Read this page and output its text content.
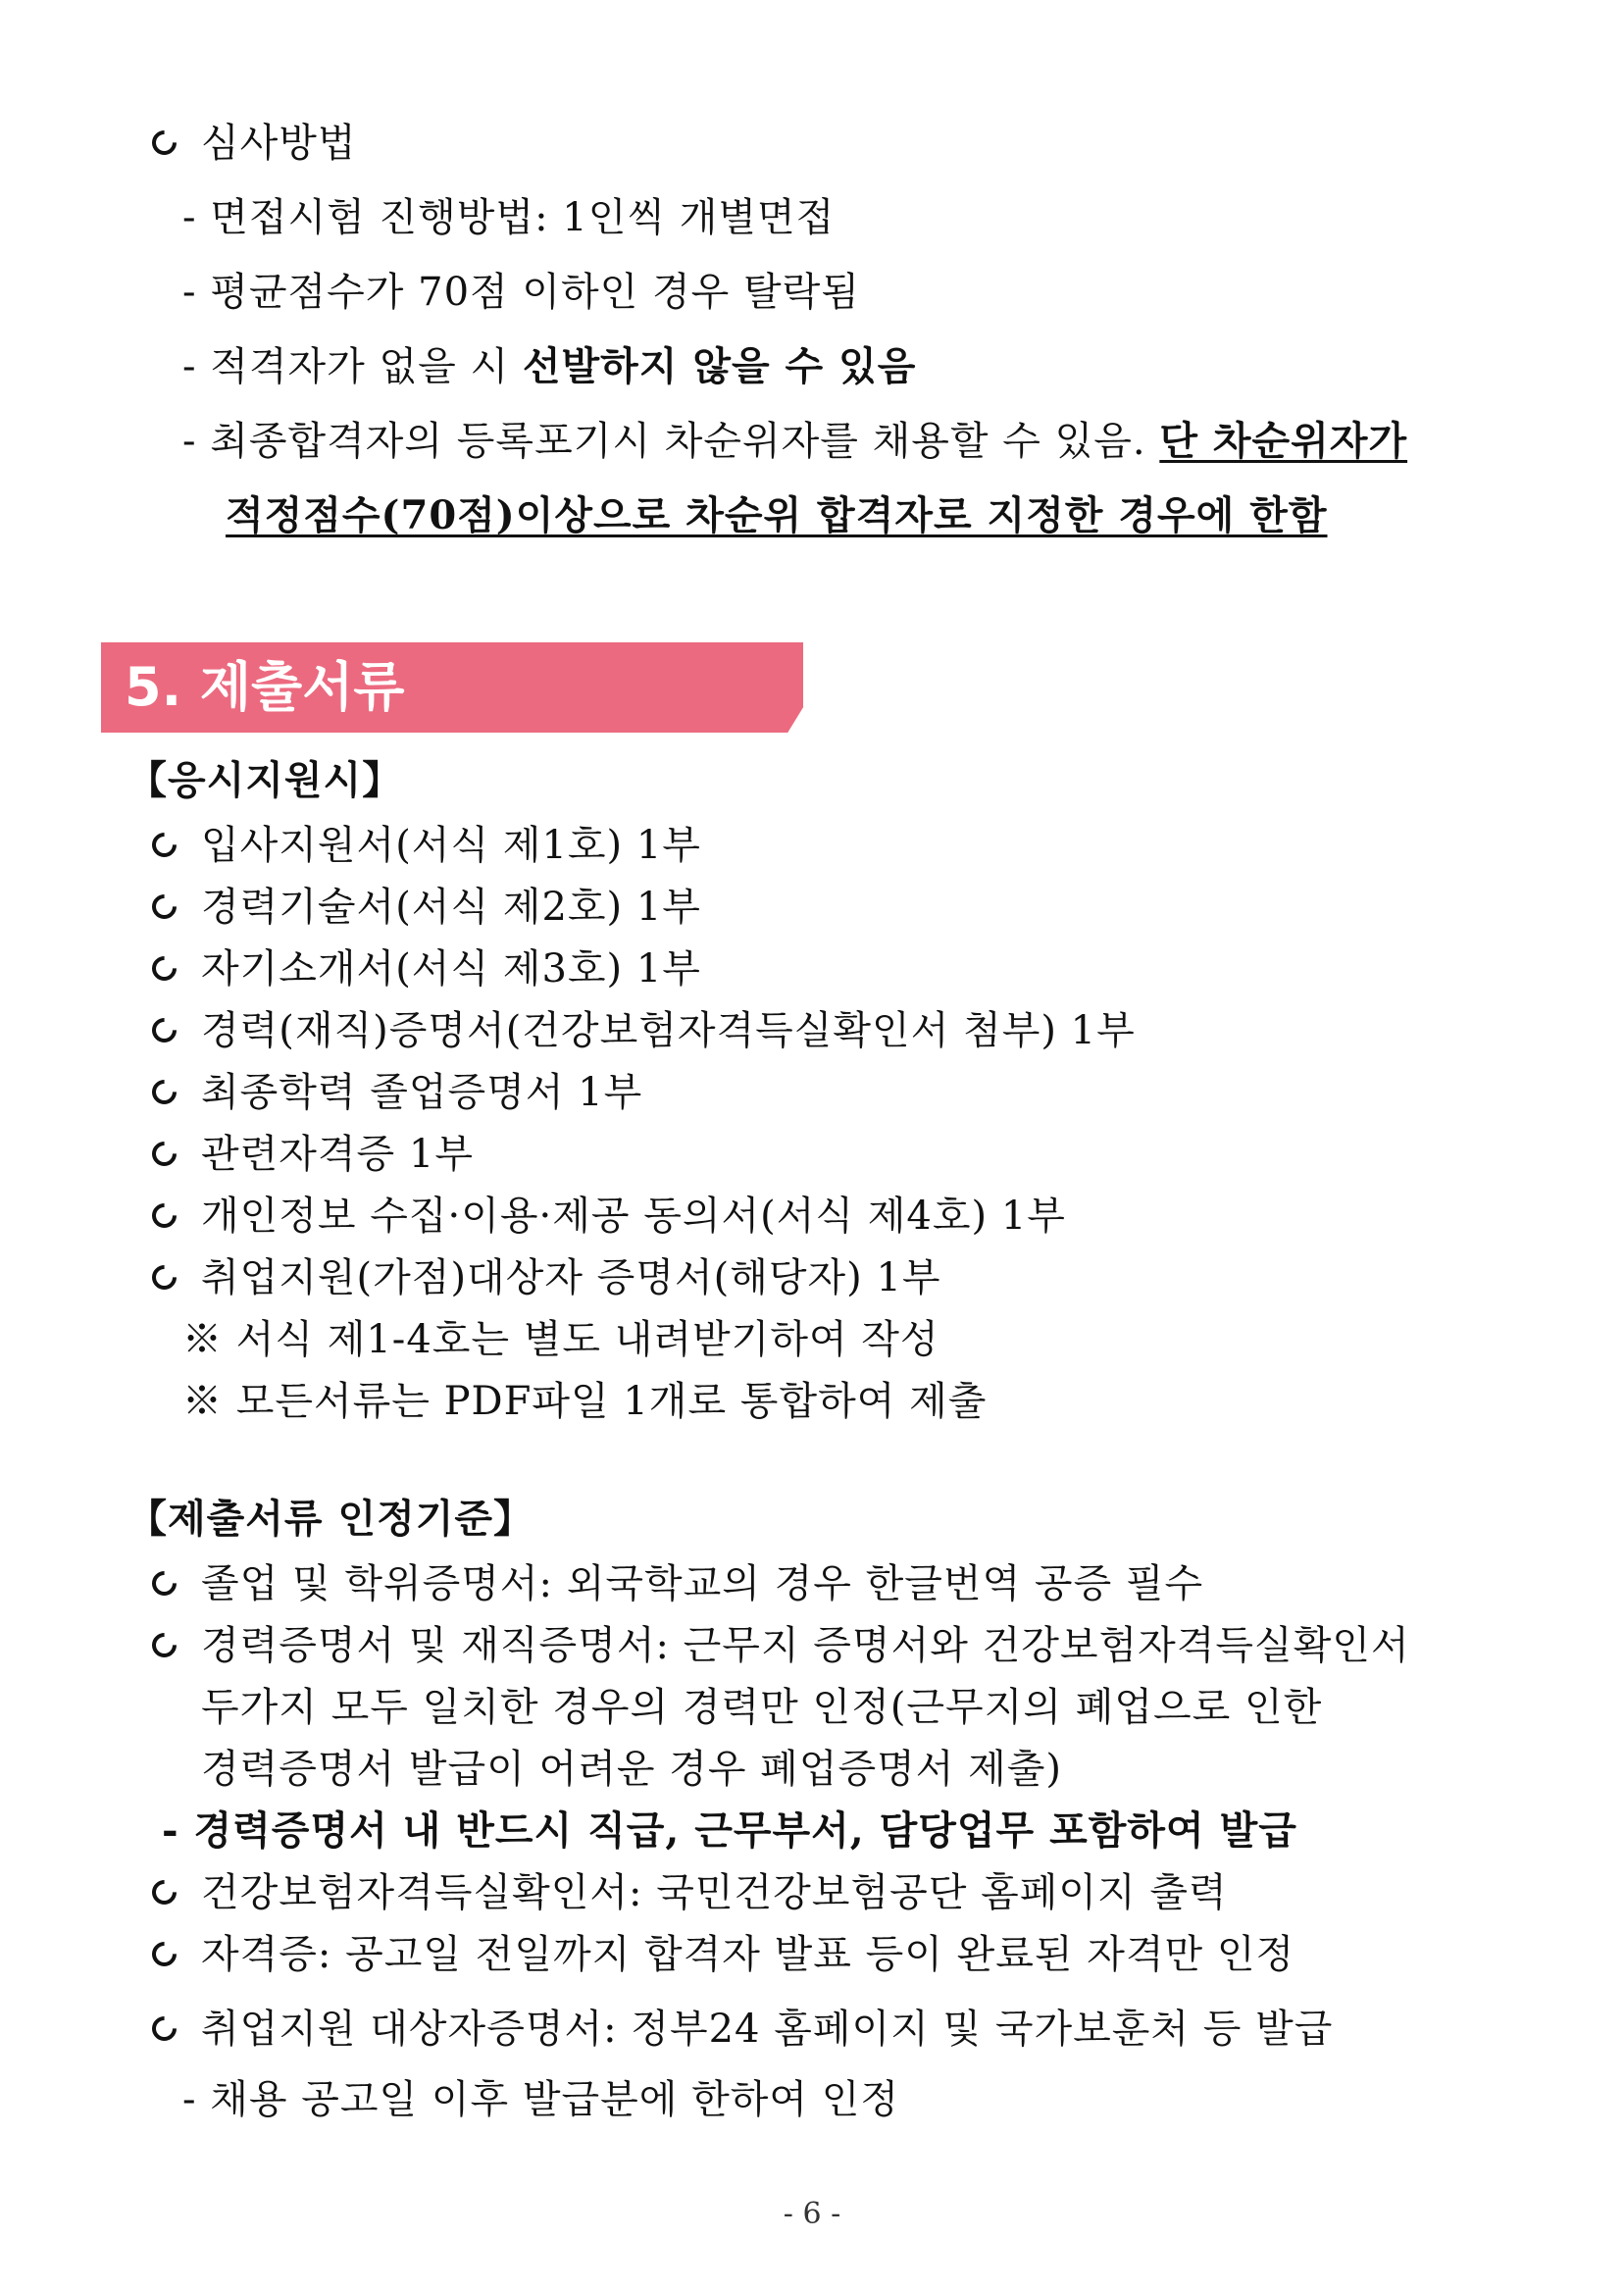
심사방법
- 면접시험 진행방법: 1인씩 개별면접
- 평균점수가 70점 이하인 경우 탈락됨
- 적격자가 없을 시 선발하지 않을 수 있음
- 최종합격자의 등록포기시 차순위자를 채용할 수 있음. 단 차순위자가
적정점수(70점)이상으로 차순위 합격자로 지정한 경우에 한함
5. 제출서류
【응시지원시】
입사지원서(서식 제1호) 1부
경력기술서(서식 제2호) 1부
자기소개서(서식 제3호) 1부
경력(재직)증명서(건강보험자격득실확인서 첨부) 1부
최종학력 졸업증명서 1부
관련자격증 1부
개인정보 수집·이용·제공 동의서(서식 제4호) 1부
취업지원(가점)대상자 증명서(해당자) 1부
※ 서식 제1-4호는 별도 내려받기하여 작성
※ 모든서류는 PDF파일 1개로 통합하여 제출
【제출서류 인정기준】
졸업 및 학위증명서: 외국학교의 경우 한글번역 공증 필수
경력증명서 및 재직증명서: 근무지 증명서와 건강보험자격득실확인서
두가지 모두 일치한 경우의 경력만 인정(근무지의 폐업으로 인한
경력증명서 발급이 어려운 경우 폐업증명서 제출)
- 경력증명서 내 반드시 직급, 근무부서, 담당업무 포함하여 발급
건강보험자격득실확인서: 국민건강보험공단 홈페이지 출력
자격증: 공고일 전일까지 합격자 발표 등이 완료된 자격만 인정
취업지원 대상자증명서: 정부24 홈페이지 및 국가보훈처 등 발급
- 채용 공고일 이후 발급분에 한하여 인정
- 6 -
